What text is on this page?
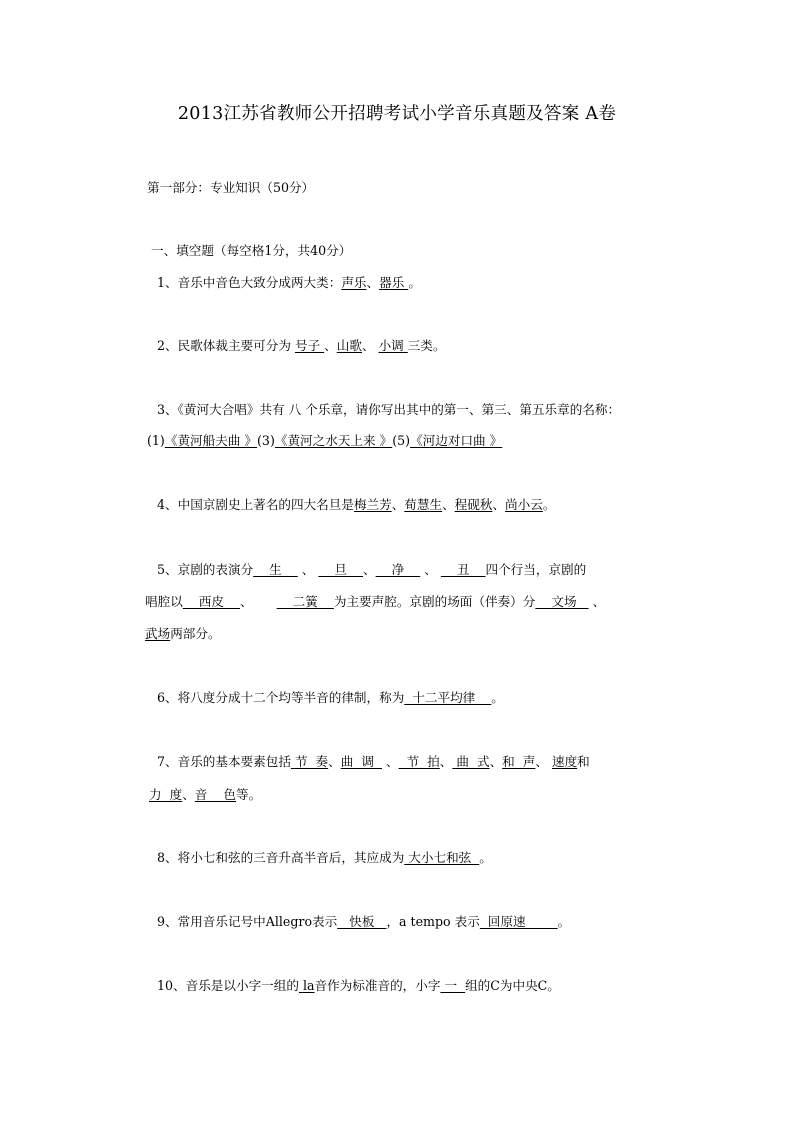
2013江苏省教师公开招聘考试小学音乐真题及答案 A卷
第一部分：专业知识（50分）
一、填空题（每空格1分，共40分）
1、音乐中音色大致分成两大类：声乐、器乐 。
2、民歌体裁主要可分为 号子 、山歌、 小调 三类。
3、《黄河大合唱》共有 八 个乐章，请你写出其中的第一、第三、第五乐章的名称：
(1)《黄河船夫曲 》(3)《黄河之水天上来 》(5)《河边对口曲 》
4、中国京剧史上著名的四大名旦是梅兰芳、荀慧生、程砚秋、尚小云。
5、京剧的表演分    生     、     旦    、    净     、     丑    四个行当，京剧的
唱腔以    西皮    、          二簧    为主要声腔。京剧的场面（伴奏）分    文场    、
武场两部分。
6、将八度分成十二个均等半音的律制，称为  十二平均律    。
7、音乐的基本要素包括 节  奏、曲  调   、  节  拍、 曲  式、和  声、 速度和
力  度、音    色等。
8、将小七和弦的三音升高半音后，其应成为 大小七和弦  。
9、常用音乐记号中Allegro表示   快板   ，a tempo 表示  回原速        。
10、音乐是以小字一组的 la音作为标准音的，小字 一  组的C为中央C。
